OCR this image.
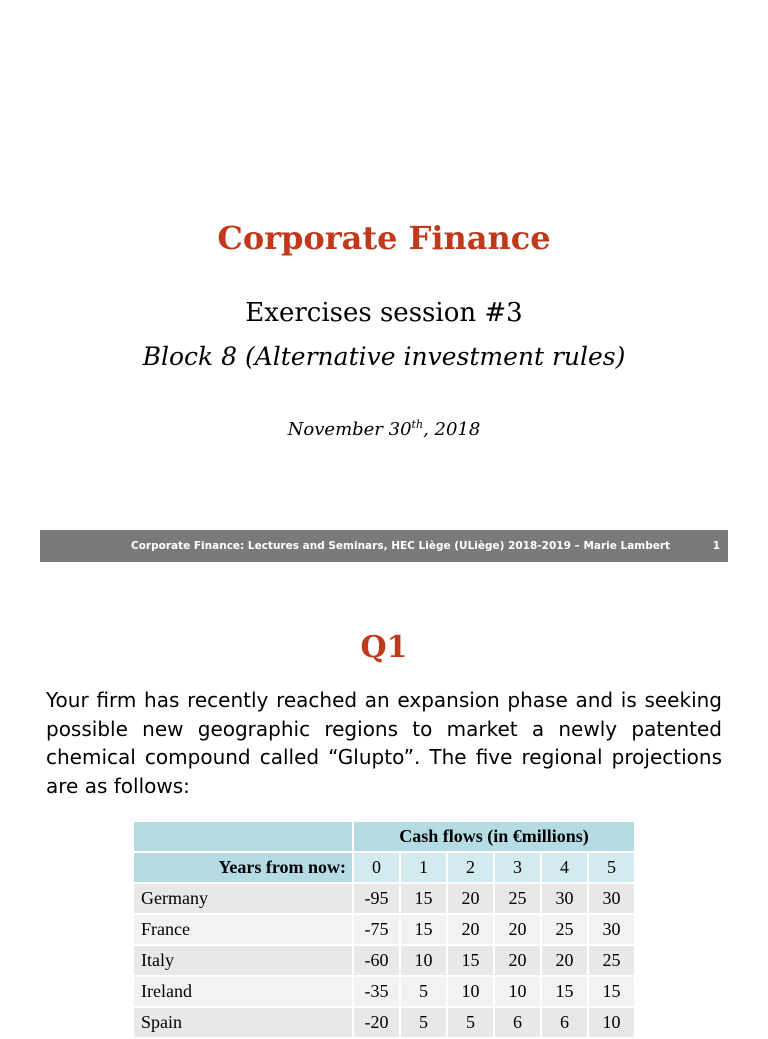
Corporate Finance
Exercises session #3
Block 8 (Alternative investment rules)
November 30th, 2018
Corporate Finance: Lectures and Seminars, HEC Liège (ULiège) 2018-2019 – Marie Lambert	1
Q1
Your firm has recently reached an expansion phase and is seeking possible new geographic regions to market a newly patented chemical compound called “Glupto”. The five regional projections are as follows:
	Cash flows (in €millions)					
Years from now:	0	1	2	3	4	5
Germany	-95	15	20	25	30	30
France	-75	15	20	20	25	30
Italy	-60	10	15	20	20	25
Ireland	-35	5	10	10	15	15
Spain	-20	5	5	6	6	10
